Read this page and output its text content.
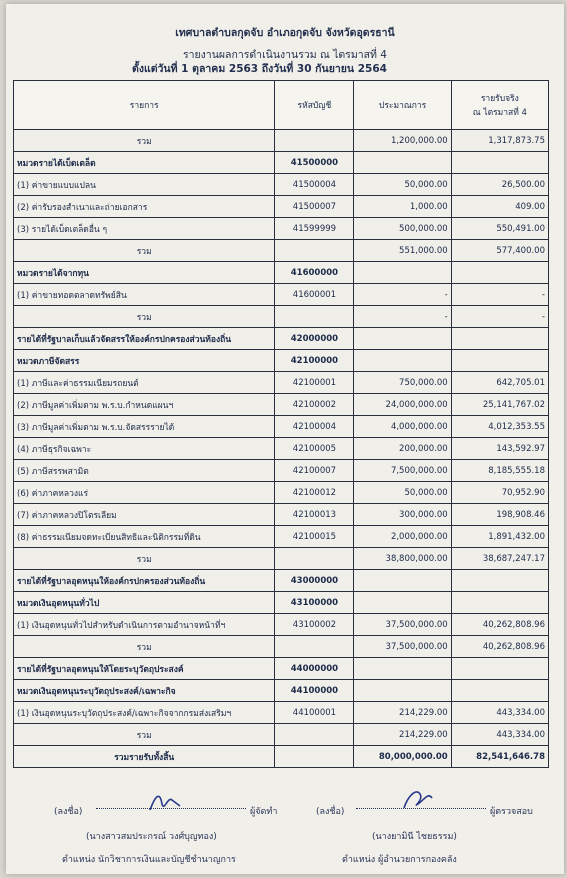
เทศบาลตำบลกุดจับ อำเภอกุดจับ จังหวัดอุดรธานี
รายงานผลการดำเนินงานรวม ณ ไตรมาสที่ 4
ตั้งแต่วันที่ 1 ตุลาคม 2563 ถึงวันที่ 30 กันยายน 2564
รายการ	รหัสบัญชี	ประมาณการ	รายรับจริง
ณ ไตรมาสที่ 4

รวม		1,200,000.00	1,317,873.75
หมวดรายได้เบ็ดเตล็ด	41500000		
(1) ค่าขายแบบแปลน	41500004	50,000.00	26,500.00
(2) ค่ารับรองสำเนาและถ่ายเอกสาร	41500007	1,000.00	409.00
(3) รายได้เบ็ดเตล็ดอื่น ๆ	41599999	500,000.00	550,491.00
รวม		551,000.00	577,400.00
หมวดรายได้จากทุน	41600000		
(1) ค่าขายทอดตลาดทรัพย์สิน	41600001	-	-
รวม		-	-
รายได้ที่รัฐบาลเก็บแล้วจัดสรรให้องค์กรปกครองส่วนท้องถิ่น	42000000		
หมวดภาษีจัดสรร	42100000		
(1) ภาษีและค่าธรรมเนียมรถยนต์	42100001	750,000.00	642,705.01
(2) ภาษีมูลค่าเพิ่มตาม พ.ร.บ.กำหนดแผนฯ	42100002	24,000,000.00	25,141,767.02
(3) ภาษีมูลค่าเพิ่มตาม พ.ร.บ.จัดสรรรายได้	42100004	4,000,000.00	4,012,353.55
(4) ภาษีธุรกิจเฉพาะ	42100005	200,000.00	143,592.97
(5) ภาษีสรรพสามิต	42100007	7,500,000.00	8,185,555.18
(6) ค่าภาคหลวงแร่	42100012	50,000.00	70,952.90
(7) ค่าภาคหลวงปิโตรเลียม	42100013	300,000.00	198,908.46
(8) ค่าธรรมเนียมจดทะเบียนสิทธิและนิติกรรมที่ดิน	42100015	2,000,000.00	1,891,432.00
รวม		38,800,000.00	38,687,247.17
รายได้ที่รัฐบาลอุดหนุนให้องค์กรปกครองส่วนท้องถิ่น	43000000		
หมวดเงินอุดหนุนทั่วไป	43100000		
(1) เงินอุดหนุนทั่วไปสำหรับดำเนินการตามอำนาจหน้าที่ฯ	43100002	37,500,000.00	40,262,808.96
รวม		37,500,000.00	40,262,808.96
รายได้ที่รัฐบาลอุดหนุนให้โดยระบุวัตถุประสงค์	44000000		
หมวดเงินอุดหนุนระบุวัตถุประสงค์/เฉพาะกิจ	44100000		
(1) เงินอุดหนุนระบุวัตถุประสงค์/เฉพาะกิจจากกรมส่งเสริมฯ	44100001	214,229.00	443,334.00
รวม		214,229.00	443,334.00
รวมรายรับทั้งสิ้น		80,000,000.00	82,541,646.78
(ลงชื่อ)	ผู้จัดทำ
(นางสาวสมประกรณ์ วงศ์บุญทอง)
ตำแหน่ง นักวิชาการเงินและบัญชีชำนาญการ
(ลงชื่อ)	ผู้ตรวจสอบ
(นางยามินี ไชยธรรม)
ตำแหน่ง ผู้อำนวยการกองคลัง
